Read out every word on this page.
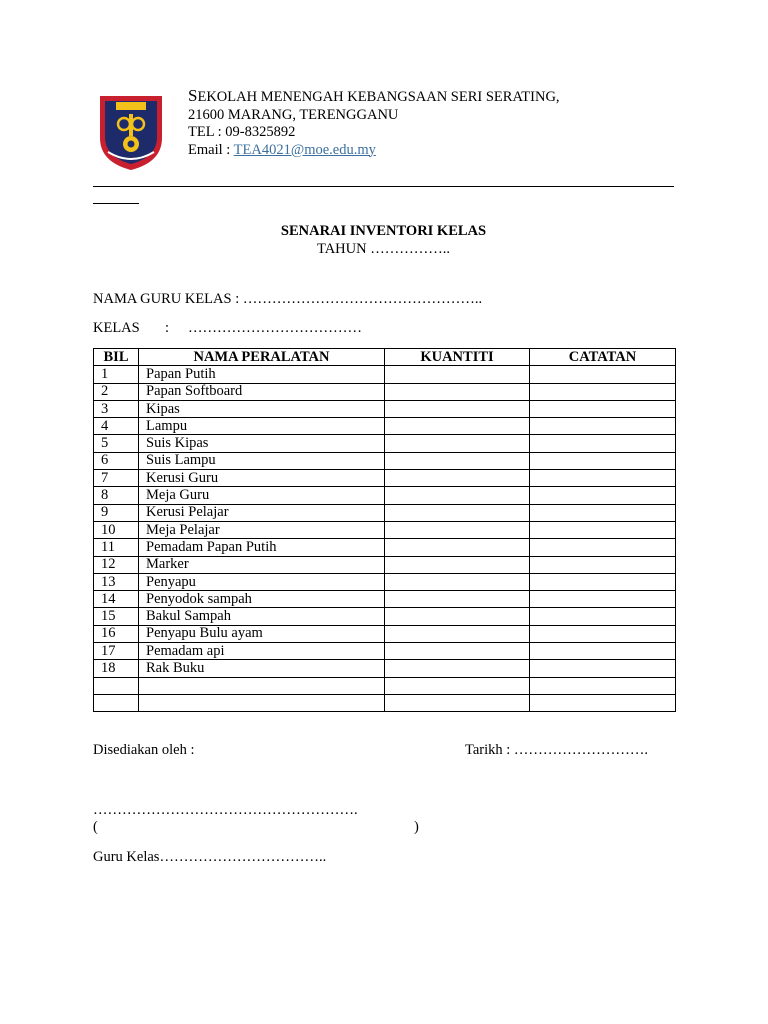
SEKOLAH MENENGAH KEBANGSAAN SERI SERATING,
21600 MARANG, TERENGGANU
TEL : 09-8325892
Email : TEA4021@moe.edu.my
SENARAI INVENTORI KELAS
TAHUN ……………..
NAMA GURU KELAS : …………………………………………..
KELAS : ………………………………
BIL	NAMA PERALATAN	KUANTITI	CATATAN
1	Papan Putih		
2	Papan Softboard		
3	Kipas		
4	Lampu		
5	Suis Kipas		
6	Suis Lampu		
7	Kerusi Guru		
8	Meja Guru		
9	Kerusi Pelajar		
10	Meja Pelajar		
11	Pemadam Papan Putih		
12	Marker		
13	Penyapu		
14	Penyodok sampah		
15	Bakul Sampah		
16	Penyapu Bulu ayam		
17	Pemadam api		
18	Rak Buku		

Disediakan oleh :	Tarikh : ……………………….
……………………………………………….
(	)
Guru Kelas……………………………..
